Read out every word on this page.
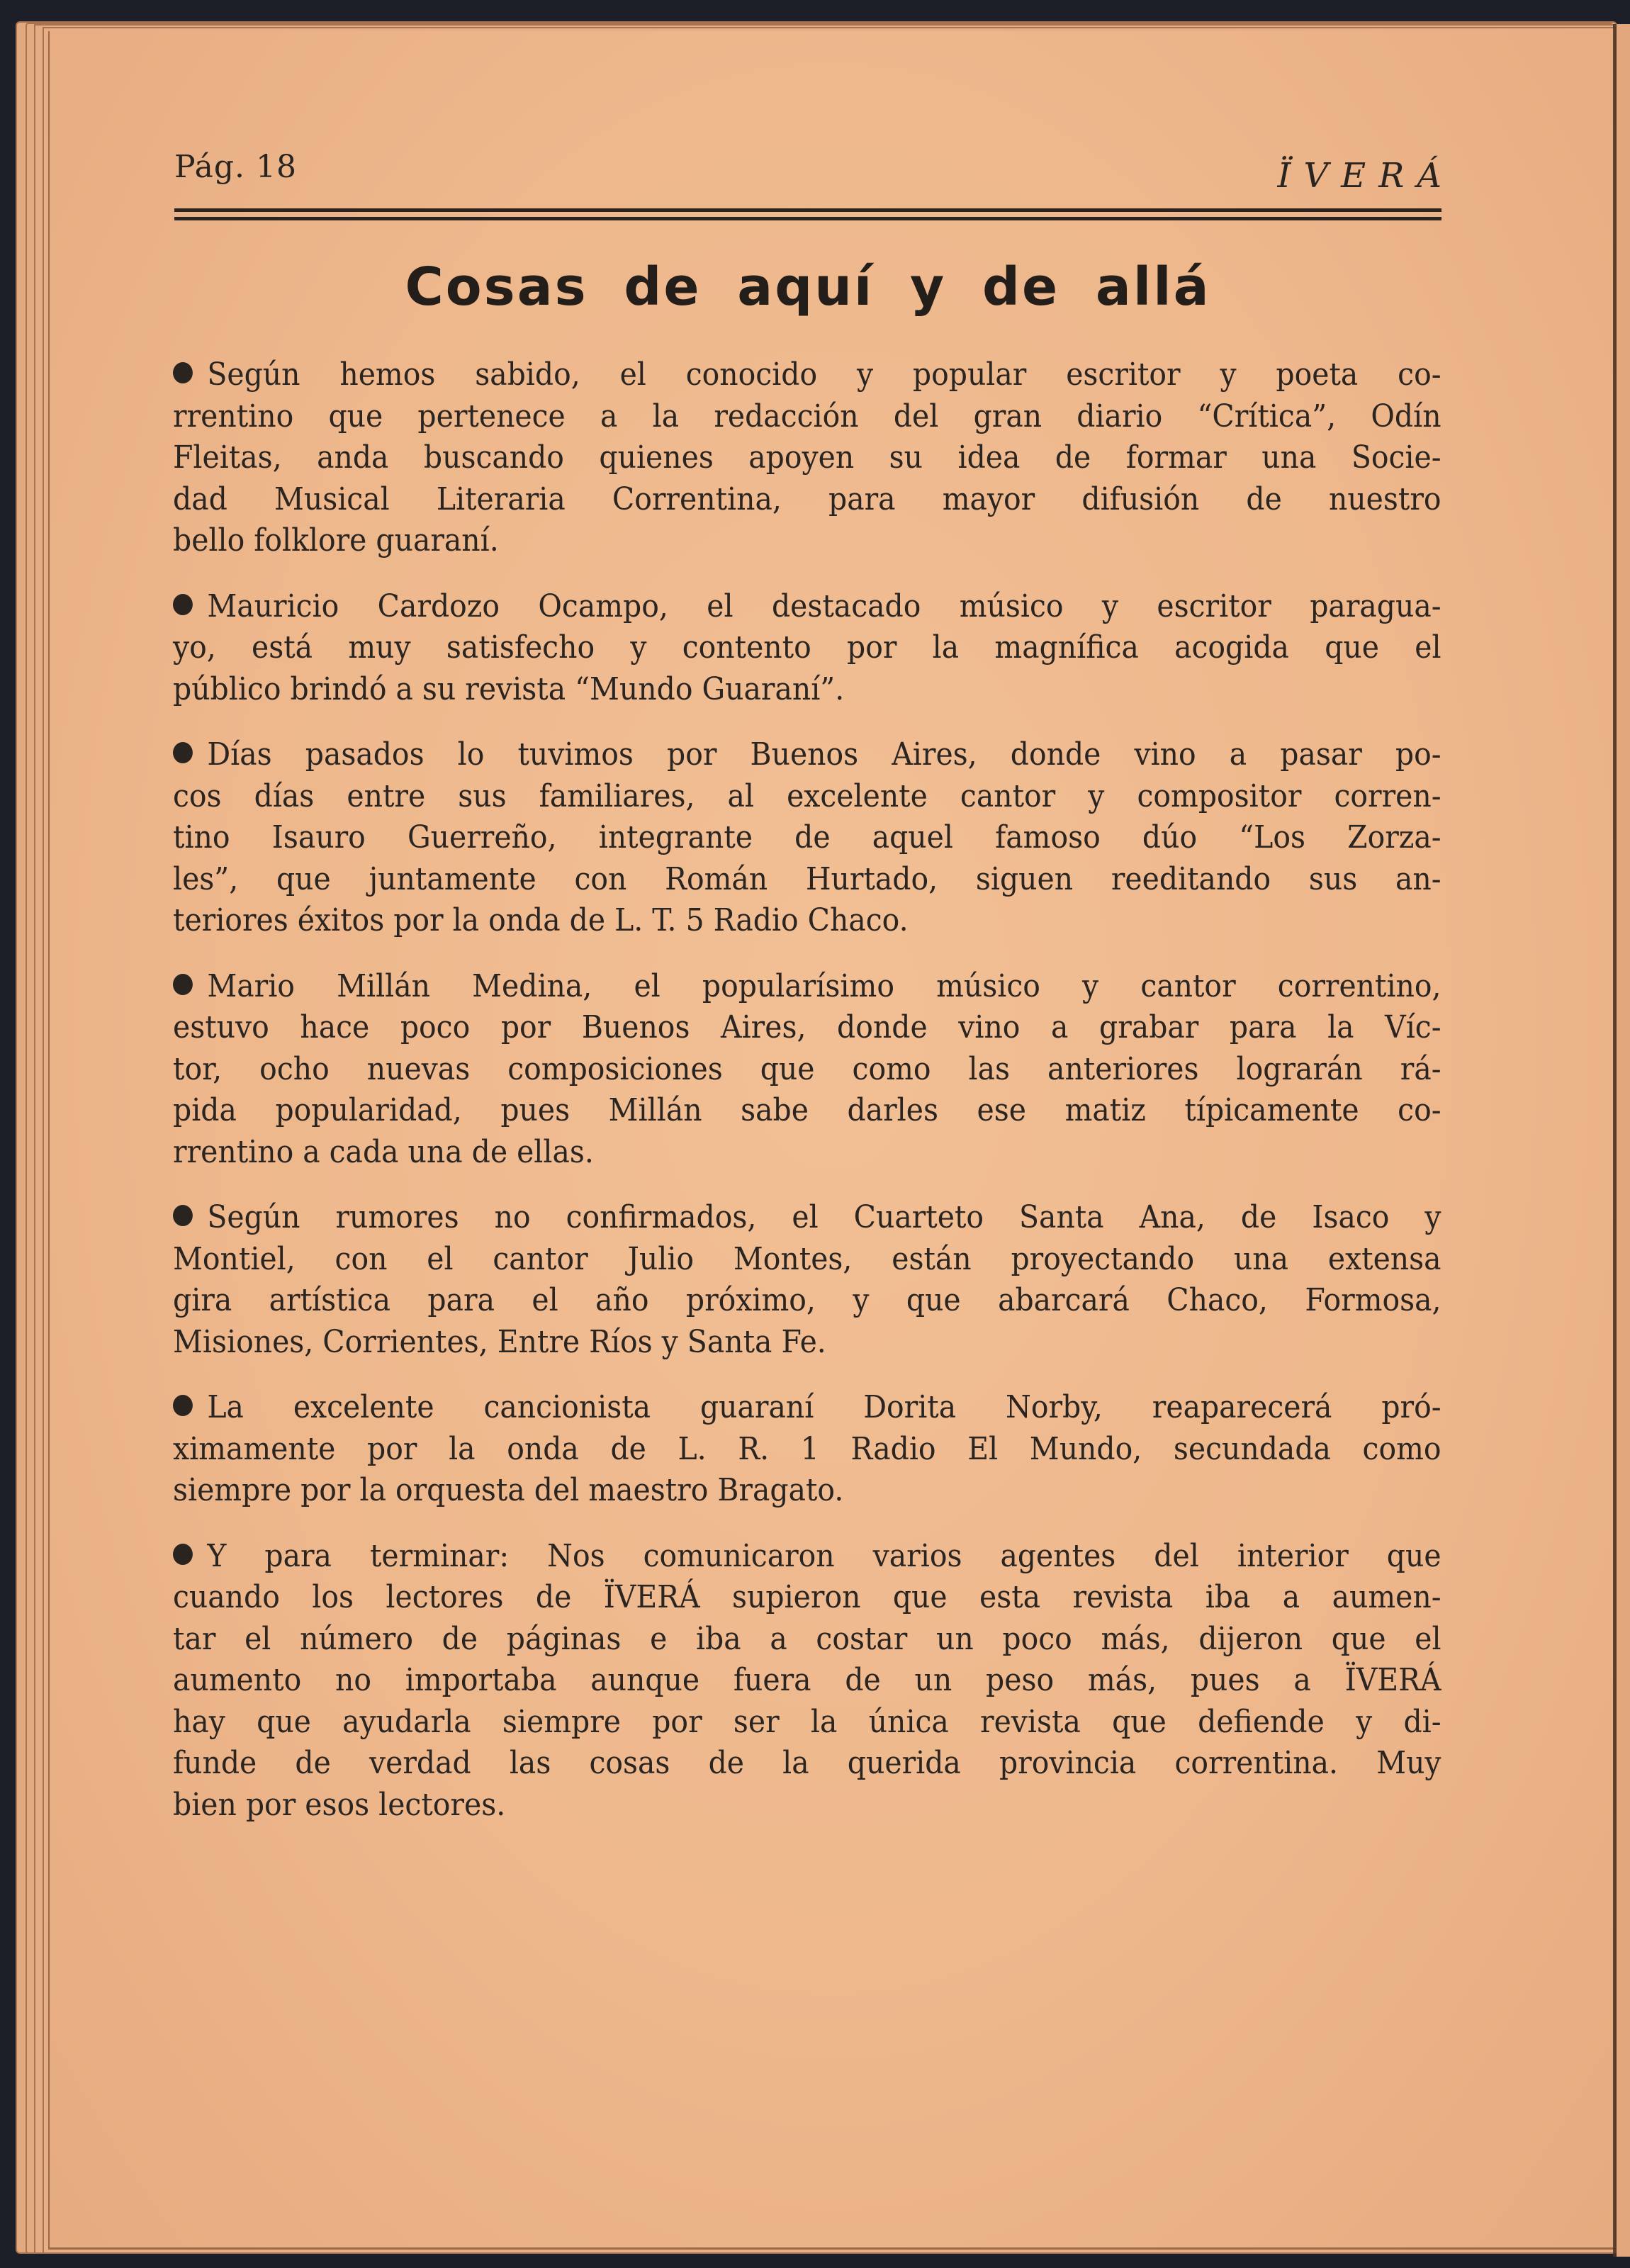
Pág. 18	ÏVERÁ
Cosas de aquí y de allá
Según hemos sabido, el conocido y popular escritor y poeta co-
rrentino que pertenece a la redacción del gran diario “Crítica”, Odín
Fleitas, anda buscando quienes apoyen su idea de formar una Socie-
dad Musical Literaria Correntina, para mayor difusión de nuestro
bello folklore guaraní.
Mauricio Cardozo Ocampo, el destacado músico y escritor paragua-
yo, está muy satisfecho y contento por la magnífica acogida que el
público brindó a su revista “Mundo Guaraní”.
Días pasados lo tuvimos por Buenos Aires, donde vino a pasar po-
cos días entre sus familiares, al excelente cantor y compositor corren-
tino Isauro Guerreño, integrante de aquel famoso dúo “Los Zorza-
les”, que juntamente con Román Hurtado, siguen reeditando sus an-
teriores éxitos por la onda de L. T. 5 Radio Chaco.
Mario Millán Medina, el popularísimo músico y cantor correntino,
estuvo hace poco por Buenos Aires, donde vino a grabar para la Víc-
tor, ocho nuevas composiciones que como las anteriores lograrán rá-
pida popularidad, pues Millán sabe darles ese matiz típicamente co-
rrentino a cada una de ellas.
Según rumores no confirmados, el Cuarteto Santa Ana, de Isaco y
Montiel, con el cantor Julio Montes, están proyectando una extensa
gira artística para el año próximo, y que abarcará Chaco, Formosa,
Misiones, Corrientes, Entre Ríos y Santa Fe.
La excelente cancionista guaraní Dorita Norby, reaparecerá pró-
ximamente por la onda de L. R. 1 Radio El Mundo, secundada como
siempre por la orquesta del maestro Bragato.
Y para terminar: Nos comunicaron varios agentes del interior que
cuando los lectores de ÏVERÁ supieron que esta revista iba a aumen-
tar el número de páginas e iba a costar un poco más, dijeron que el
aumento no importaba aunque fuera de un peso más, pues a ÏVERÁ
hay que ayudarla siempre por ser la única revista que defiende y di-
funde de verdad las cosas de la querida provincia correntina. Muy
bien por esos lectores.
